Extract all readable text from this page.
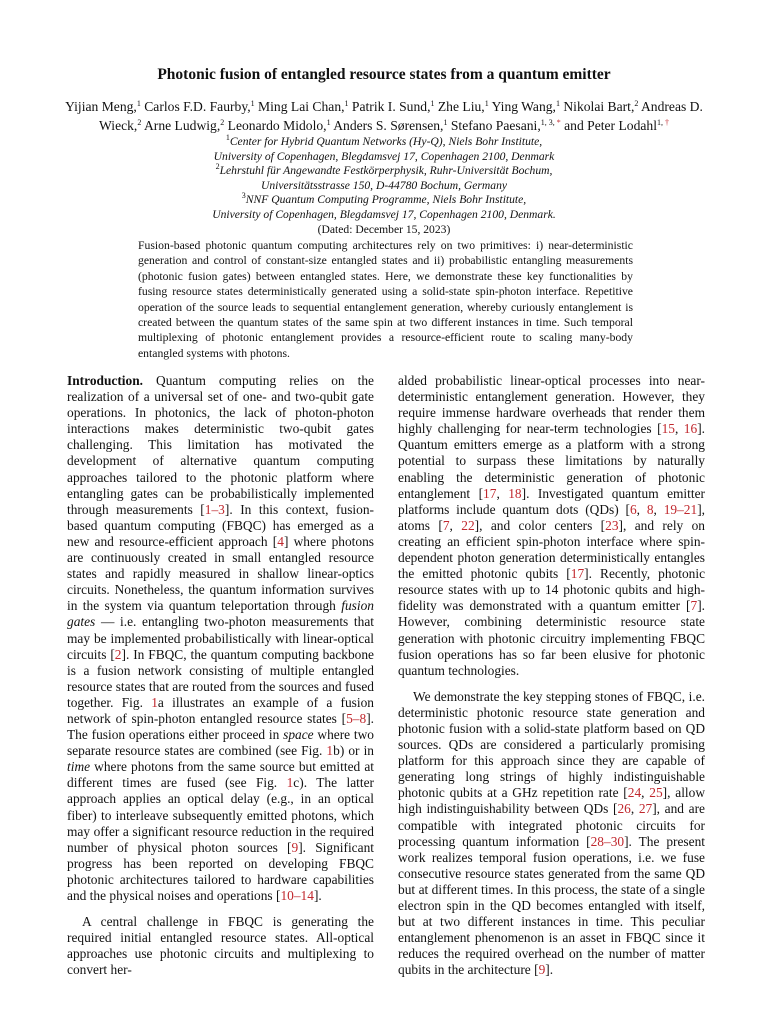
Photonic fusion of entangled resource states from a quantum emitter
Yijian Meng,$^1$ Carlos F.D. Faurby,$^1$ Ming Lai Chan,$^1$ Patrik I. Sund,$^1$ Zhe Liu,$^1$ Ying Wang,$^1$ Nikolai Bart,$^2$ Andreas D. Wieck,$^2$ Arne Ludwig,$^2$ Leonardo Midolo,$^1$ Anders S. Sørensen,$^1$ Stefano Paesani,$^{1, 3, *}$ and Peter Lodahl$^{1, \dagger}$
$^1$Center for Hybrid Quantum Networks (Hy-Q), Niels Bohr Institute,
University of Copenhagen, Blegdamsvej 17, Copenhagen 2100, Denmark
$^2$Lehrstuhl für Angewandte Festkörperphysik, Ruhr-Universität Bochum,
Universitätsstrasse 150, D-44780 Bochum, Germany
$^3$NNF Quantum Computing Programme, Niels Bohr Institute,
University of Copenhagen, Blegdamsvej 17, Copenhagen 2100, Denmark.
(Dated: December 15, 2023)
Fusion-based photonic quantum computing architectures rely on two primitives: i) near-deterministic generation and control of constant-size entangled states and ii) probabilistic entangling measurements (photonic fusion gates) between entangled states. Here, we demonstrate these key functionalities by fusing resource states deterministically generated using a solid-state spin-photon interface. Repetitive operation of the source leads to sequential entanglement generation, whereby curiously entanglement is created between the quantum states of the same spin at two different instances in time. Such temporal multiplexing of photonic entanglement provides a resource-efficient route to scaling many-body entangled systems with photons.

Introduction. Quantum computing relies on the realization of a universal set of one- and two-qubit gate operations. In photonics, the lack of photon-photon interactions makes deterministic two-qubit gates challenging. This limitation has motivated the development of alternative quantum computing approaches tailored to the photonic platform where entangling gates can be probabilistically implemented through measurements [1–3]. In this context, fusion-based quantum computing (FBQC) has emerged as a new and resource-efficient approach [4] where photons are continuously created in small entangled resource states and rapidly measured in shallow linear-optics circuits. Nonetheless, the quantum information survives in the system via quantum teleportation through fusion gates — i.e. entangling two-photon measurements that may be implemented probabilistically with linear-optical circuits [2]. In FBQC, the quantum computing backbone is a fusion network consisting of multiple entangled resource states that are routed from the sources and fused together. Fig. 1a illustrates an example of a fusion network of spin-photon entangled resource states [5–8]. The fusion operations either proceed in space where two separate resource states are combined (see Fig. 1b) or in time where photons from the same source but emitted at different times are fused (see Fig. 1c). The latter approach applies an optical delay (e.g., in an optical fiber) to interleave subsequently emitted photons, which may offer a significant resource reduction in the required number of physical photon sources [9]. Significant progress has been reported on developing FBQC photonic architectures tailored to hardware capabilities and the physical noises and operations [10–14].

A central challenge in FBQC is generating the required initial entangled resource states. All-optical approaches use photonic circuits and multiplexing to convert her-

alded probabilistic linear-optical processes into near-deterministic entanglement generation. However, they require immense hardware overheads that render them highly challenging for near-term technologies [15, 16]. Quantum emitters emerge as a platform with a strong potential to surpass these limitations by naturally enabling the deterministic generation of photonic entanglement [17, 18]. Investigated quantum emitter platforms include quantum dots (QDs) [6, 8, 19–21], atoms [7, 22], and color centers [23], and rely on creating an efficient spin-photon interface where spin-dependent photon generation deterministically entangles the emitted photonic qubits [17]. Recently, photonic resource states with up to 14 photonic qubits and high-fidelity was demonstrated with a quantum emitter [7]. However, combining deterministic resource state generation with photonic circuitry implementing FBQC fusion operations has so far been elusive for photonic quantum technologies.

We demonstrate the key stepping stones of FBQC, i.e. deterministic photonic resource state generation and photonic fusion with a solid-state platform based on QD sources. QDs are considered a particularly promising platform for this approach since they are capable of generating long strings of highly indistinguishable photonic qubits at a GHz repetition rate [24, 25], allow high indistinguishability between QDs [26, 27], and are compatible with integrated photonic circuits for processing quantum information [28–30]. The present work realizes temporal fusion operations, i.e. we fuse consecutive resource states generated from the same QD but at different times. In this process, the state of a single electron spin in the QD becomes entangled with itself, but at two different instances in time. This peculiar entanglement phenomenon is an asset in FBQC since it reduces the required overhead on the number of matter qubits in the architecture [9].
